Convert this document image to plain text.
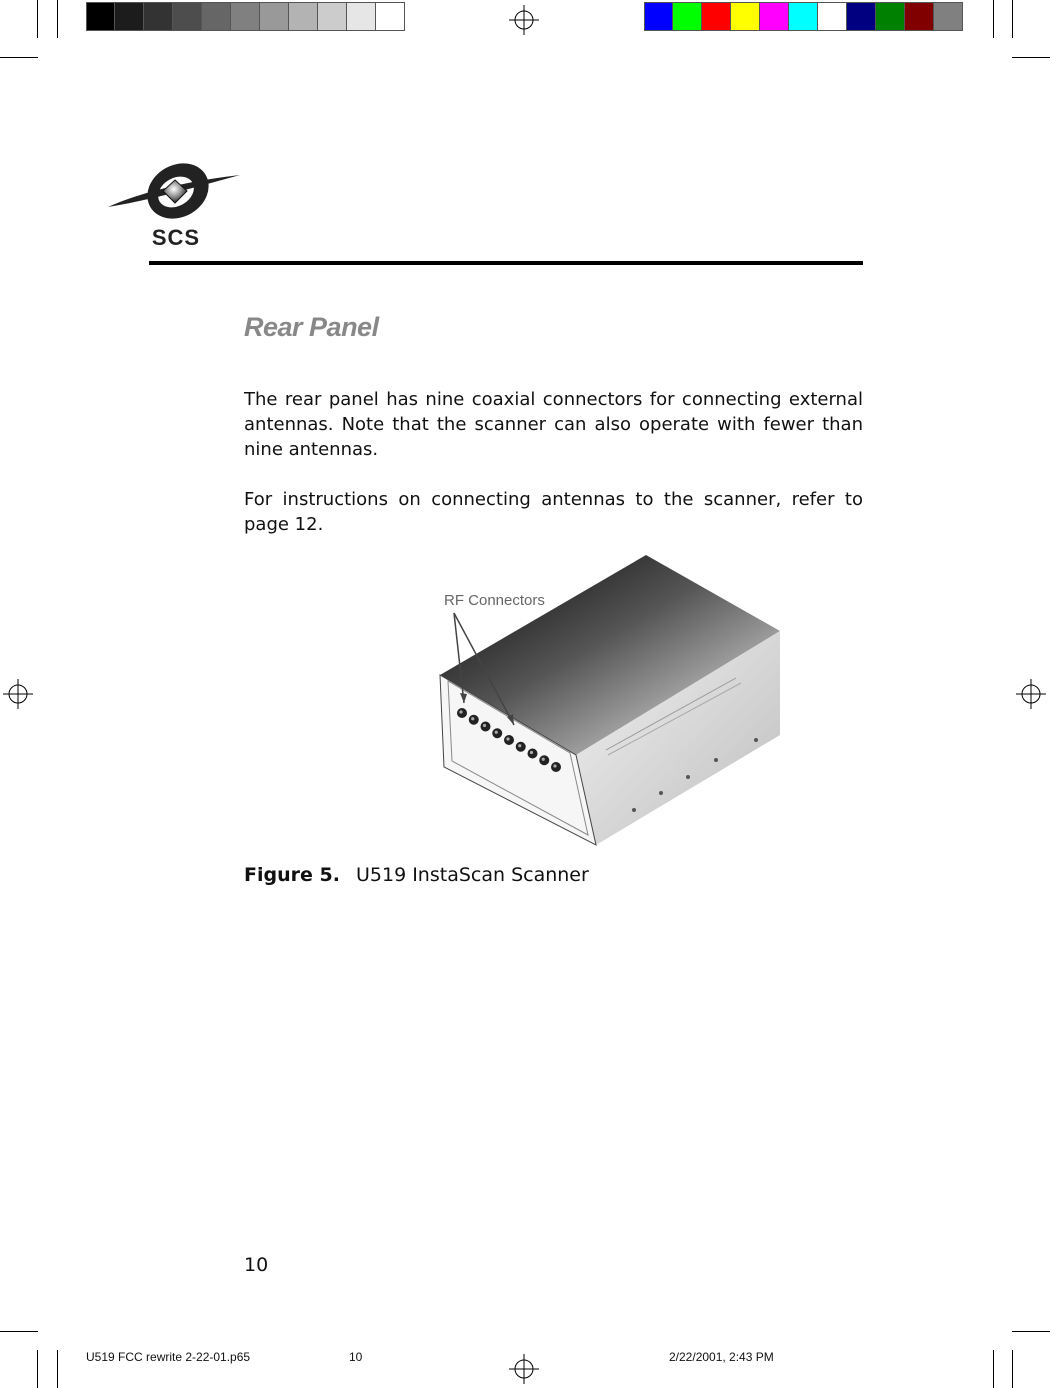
SCS
Rear Panel

The rear panel has nine coaxial connectors for connecting external antennas. Note that the scanner can also operate with fewer than nine antennas.

For instructions on connecting antennas to the scanner, refer to page 12.

RF Connectors

Figure 5. U519 InstaScan Scanner

10

U519 FCC rewrite 2-22-01.p65	10	2/22/2001, 2:43 PM
